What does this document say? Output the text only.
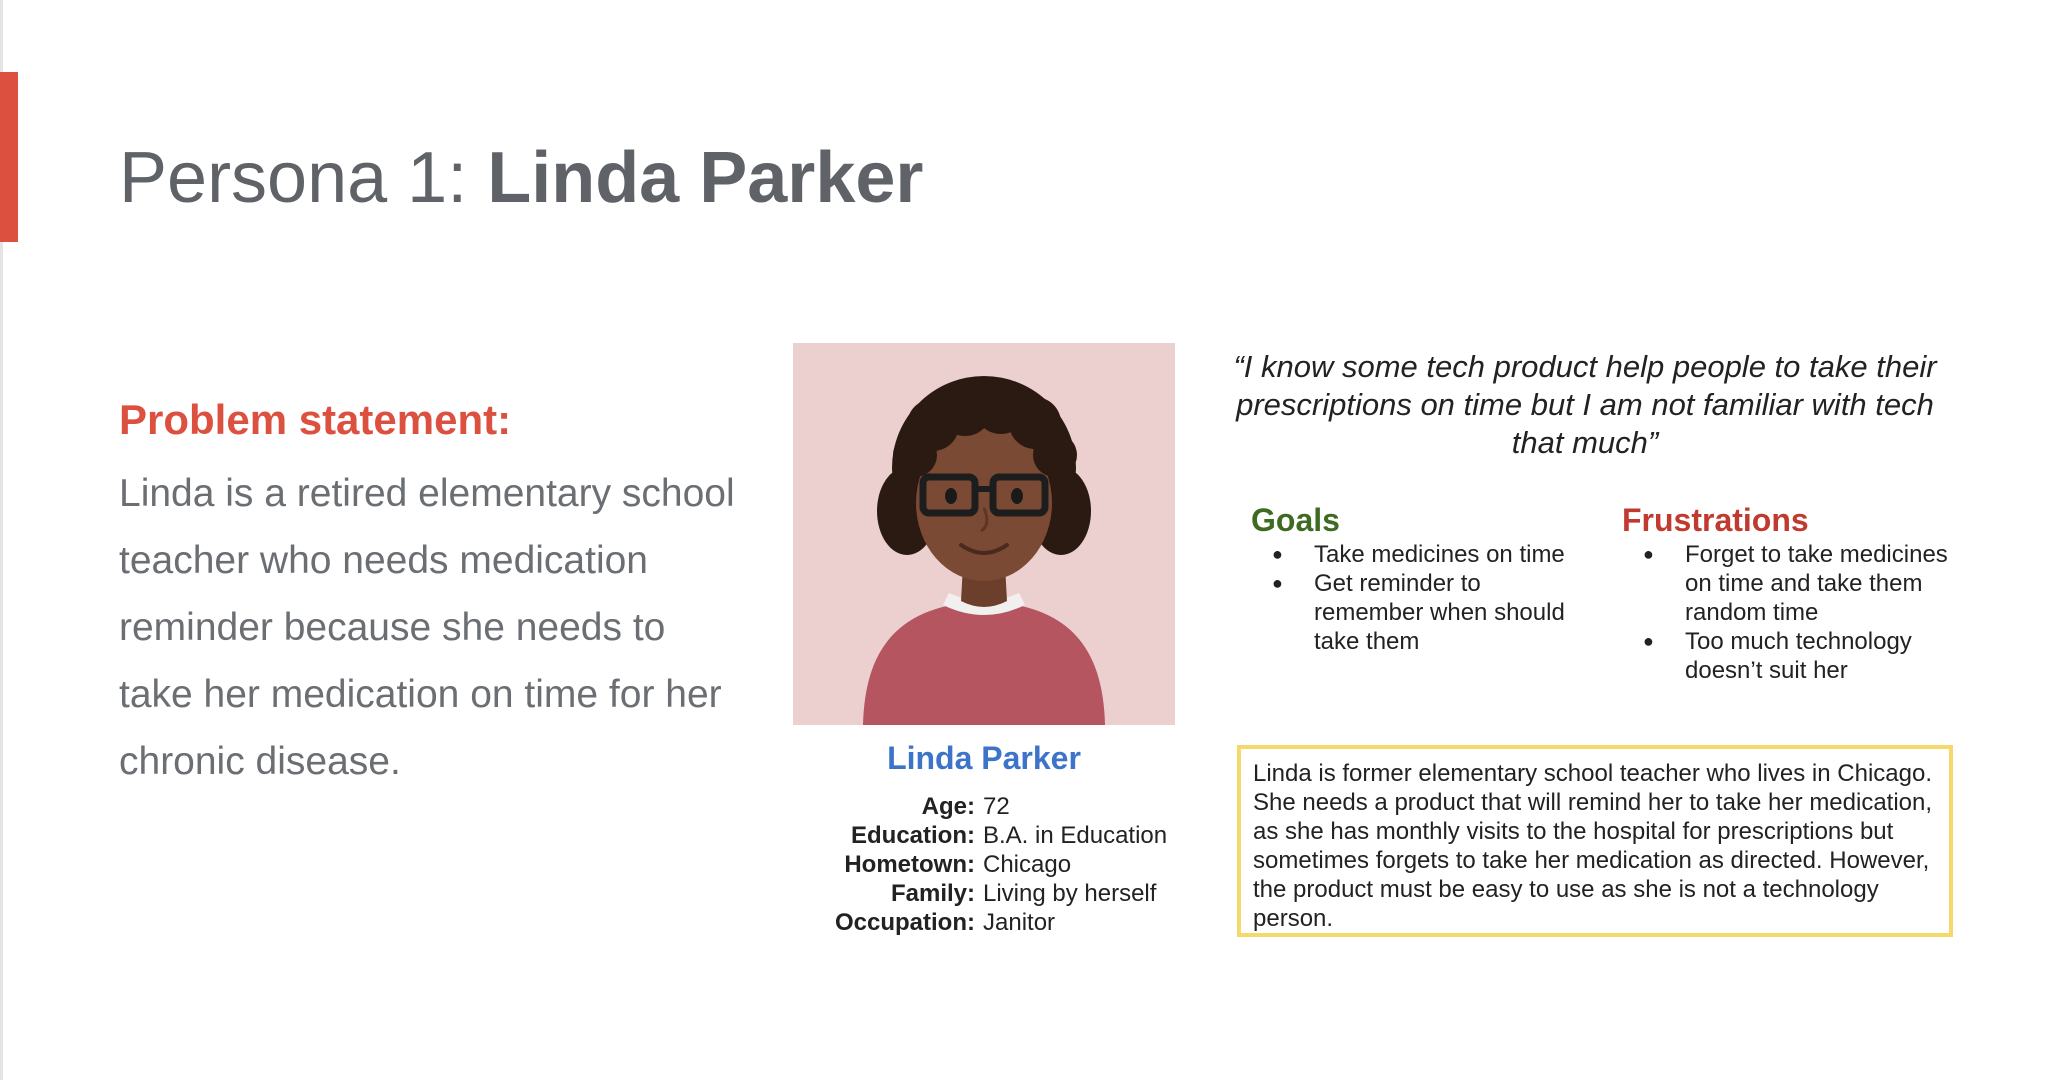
Persona 1: Linda Parker
Problem statement:
Linda is a retired elementary school teacher who needs medication reminder because she needs to take her medication on time for her chronic disease.	Linda Parker
Age: 72
Education: B.A. in Education
Hometown: Chicago
Family: Living by herself
Occupation: Janitor
“I know some tech product help people to take their prescriptions on time but I am not familiar with tech that much”
Goals
● Take medicines on time
● Get reminder to remember when should take them
Frustrations
● Forget to take medicines on time and take them random time
● Too much technology doesn’t suit her
Linda is former elementary school teacher who lives in Chicago. She needs a product that will remind her to take her medication, as she has monthly visits to the hospital for prescriptions but sometimes forgets to take her medication as directed. However, the product must be easy to use as she is not a technology person.
